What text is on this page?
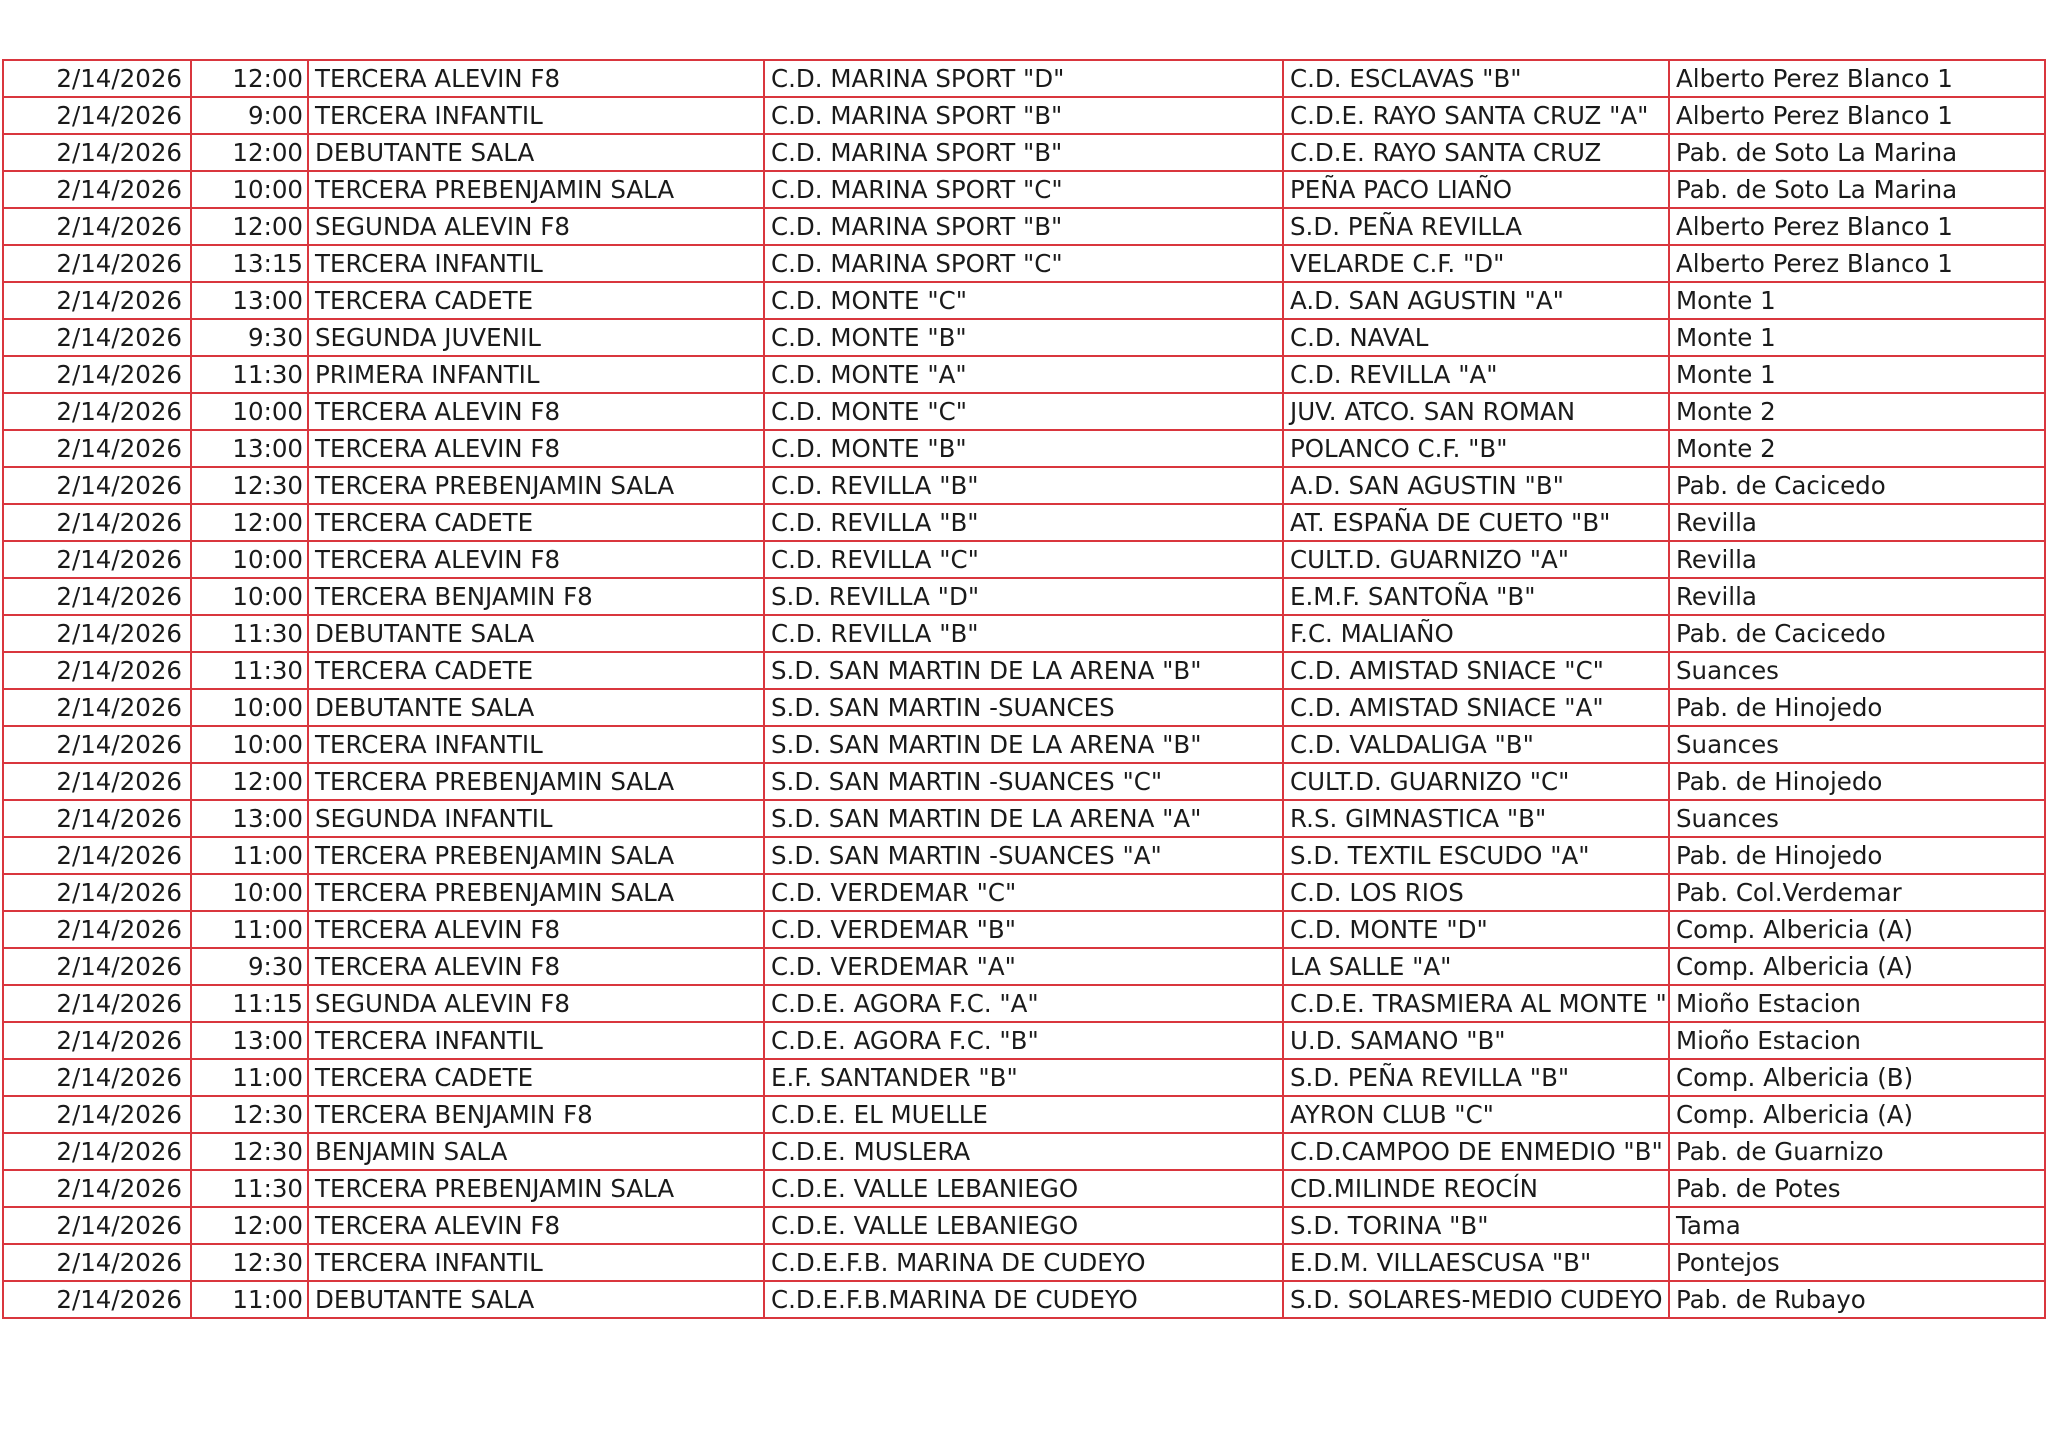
2/14/2026	12:00	TERCERA ALEVIN F8	C.D. MARINA SPORT "D"	C.D. ESCLAVAS "B"	Alberto Perez Blanco 1
2/14/2026	9:00	TERCERA INFANTIL	C.D. MARINA SPORT "B"	C.D.E. RAYO SANTA CRUZ "A"	Alberto Perez Blanco 1
2/14/2026	12:00	DEBUTANTE SALA	C.D. MARINA SPORT "B"	C.D.E. RAYO SANTA CRUZ	Pab. de Soto La Marina
2/14/2026	10:00	TERCERA PREBENJAMIN SALA	C.D. MARINA SPORT "C"	PEÑA PACO LIAÑO	Pab. de Soto La Marina
2/14/2026	12:00	SEGUNDA ALEVIN F8	C.D. MARINA SPORT "B"	S.D. PEÑA REVILLA	Alberto Perez Blanco 1
2/14/2026	13:15	TERCERA INFANTIL	C.D. MARINA SPORT "C"	VELARDE C.F. "D"	Alberto Perez Blanco 1
2/14/2026	13:00	TERCERA CADETE	C.D. MONTE "C"	A.D. SAN AGUSTIN "A"	Monte 1
2/14/2026	9:30	SEGUNDA JUVENIL	C.D. MONTE "B"	C.D. NAVAL	Monte 1
2/14/2026	11:30	PRIMERA INFANTIL	C.D. MONTE "A"	C.D. REVILLA "A"	Monte 1
2/14/2026	10:00	TERCERA ALEVIN F8	C.D. MONTE "C"	JUV. ATCO. SAN ROMAN	Monte 2
2/14/2026	13:00	TERCERA ALEVIN F8	C.D. MONTE "B"	POLANCO C.F. "B"	Monte 2
2/14/2026	12:30	TERCERA PREBENJAMIN SALA	C.D. REVILLA "B"	A.D. SAN AGUSTIN "B"	Pab. de Cacicedo
2/14/2026	12:00	TERCERA CADETE	C.D. REVILLA "B"	AT. ESPAÑA DE CUETO "B"	Revilla
2/14/2026	10:00	TERCERA ALEVIN F8	C.D. REVILLA "C"	CULT.D. GUARNIZO "A"	Revilla
2/14/2026	10:00	TERCERA BENJAMIN F8	S.D. REVILLA "D"	E.M.F. SANTOÑA "B"	Revilla
2/14/2026	11:30	DEBUTANTE SALA	C.D. REVILLA "B"	F.C. MALIAÑO	Pab. de Cacicedo
2/14/2026	11:30	TERCERA CADETE	S.D. SAN MARTIN DE LA ARENA "B"	C.D. AMISTAD SNIACE "C"	Suances
2/14/2026	10:00	DEBUTANTE SALA	S.D. SAN MARTIN -SUANCES	C.D. AMISTAD SNIACE "A"	Pab. de Hinojedo
2/14/2026	10:00	TERCERA INFANTIL	S.D. SAN MARTIN DE LA ARENA "B"	C.D. VALDALIGA "B"	Suances
2/14/2026	12:00	TERCERA PREBENJAMIN SALA	S.D. SAN MARTIN -SUANCES "C"	CULT.D. GUARNIZO "C"	Pab. de Hinojedo
2/14/2026	13:00	SEGUNDA INFANTIL	S.D. SAN MARTIN DE LA ARENA "A"	R.S. GIMNASTICA "B"	Suances
2/14/2026	11:00	TERCERA PREBENJAMIN SALA	S.D. SAN MARTIN -SUANCES "A"	S.D. TEXTIL ESCUDO "A"	Pab. de Hinojedo
2/14/2026	10:00	TERCERA PREBENJAMIN SALA	C.D. VERDEMAR "C"	C.D. LOS RIOS	Pab. Col.Verdemar
2/14/2026	11:00	TERCERA ALEVIN F8	C.D. VERDEMAR "B"	C.D. MONTE "D"	Comp. Albericia (A)
2/14/2026	9:30	TERCERA ALEVIN F8	C.D. VERDEMAR "A"	LA SALLE "A"	Comp. Albericia (A)
2/14/2026	11:15	SEGUNDA ALEVIN F8	C.D.E. AGORA F.C. "A"	C.D.E. TRASMIERA AL MONTE "	Mioño Estacion
2/14/2026	13:00	TERCERA INFANTIL	C.D.E. AGORA F.C. "B"	U.D. SAMANO "B"	Mioño Estacion
2/14/2026	11:00	TERCERA CADETE	E.F. SANTANDER "B"	S.D. PEÑA REVILLA "B"	Comp. Albericia (B)
2/14/2026	12:30	TERCERA BENJAMIN F8	C.D.E. EL MUELLE	AYRON CLUB "C"	Comp. Albericia (A)
2/14/2026	12:30	BENJAMIN SALA	C.D.E. MUSLERA	C.D.CAMPOO DE ENMEDIO "B"	Pab. de Guarnizo
2/14/2026	11:30	TERCERA PREBENJAMIN SALA	C.D.E. VALLE LEBANIEGO	CD.MILINDE REOCÍN	Pab. de Potes
2/14/2026	12:00	TERCERA ALEVIN F8	C.D.E. VALLE LEBANIEGO	S.D. TORINA "B"	Tama
2/14/2026	12:30	TERCERA INFANTIL	C.D.E.F.B. MARINA DE CUDEYO	E.D.M. VILLAESCUSA "B"	Pontejos
2/14/2026	11:00	DEBUTANTE SALA	C.D.E.F.B.MARINA DE CUDEYO	S.D. SOLARES-MEDIO CUDEYO	Pab. de Rubayo
